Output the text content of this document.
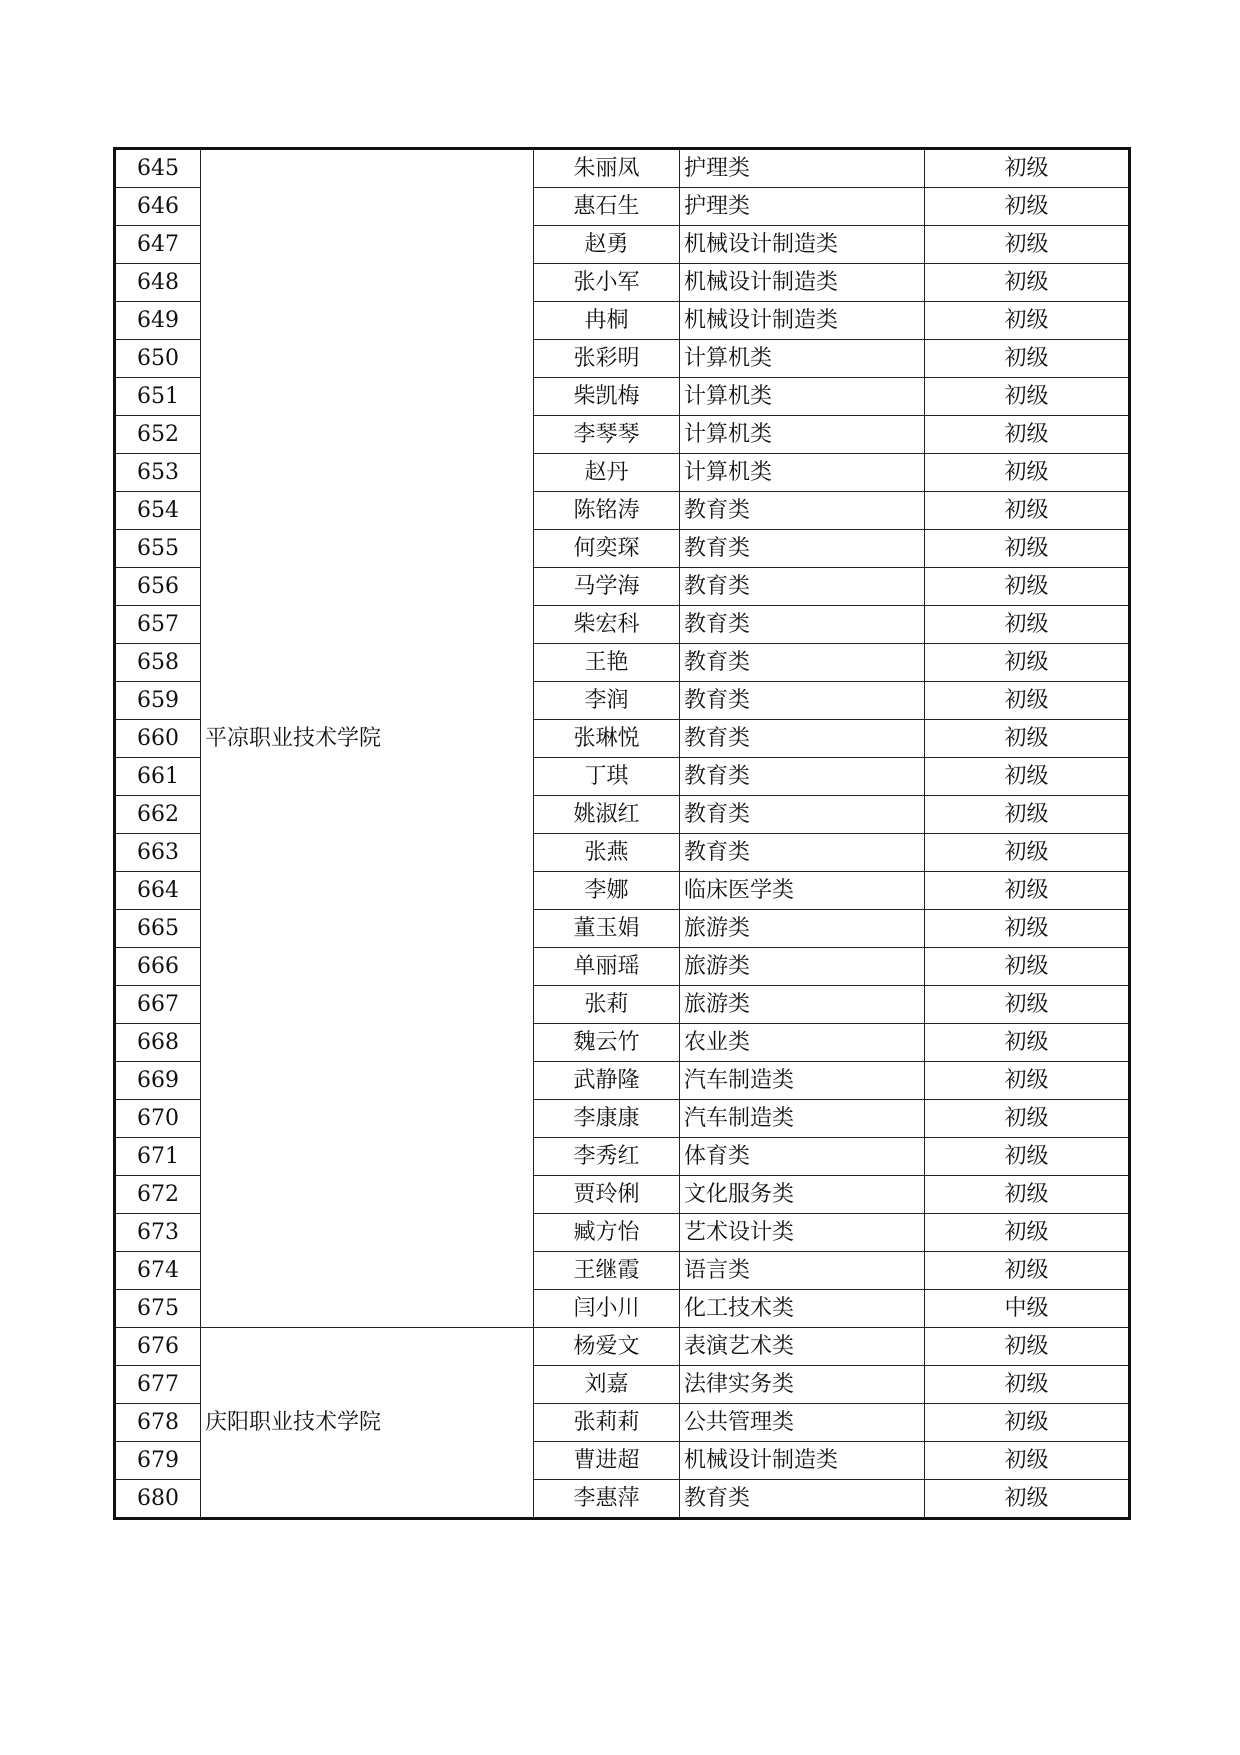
645	平凉职业技术学院	朱丽凤	护理类	初级
646		惠石生	护理类	初级
647		赵勇	机械设计制造类	初级
648		张小军	机械设计制造类	初级
649		冉桐	机械设计制造类	初级
650		张彩明	计算机类	初级
651		柴凯梅	计算机类	初级
652		李琴琴	计算机类	初级
653		赵丹	计算机类	初级
654		陈铭涛	教育类	初级
655		何奕琛	教育类	初级
656		马学海	教育类	初级
657		柴宏科	教育类	初级
658		王艳	教育类	初级
659		李润	教育类	初级
660		张琳悦	教育类	初级
661		丁琪	教育类	初级
662		姚淑红	教育类	初级
663		张燕	教育类	初级
664		李娜	临床医学类	初级
665		董玉娟	旅游类	初级
666		单丽瑶	旅游类	初级
667		张莉	旅游类	初级
668		魏云竹	农业类	初级
669		武静隆	汽车制造类	初级
670		李康康	汽车制造类	初级
671		李秀红	体育类	初级
672		贾玲俐	文化服务类	初级
673		臧方怡	艺术设计类	初级
674		王继霞	语言类	初级
675		闫小川	化工技术类	中级
676	庆阳职业技术学院	杨爱文	表演艺术类	初级
677		刘嘉	法律实务类	初级
678		张莉莉	公共管理类	初级
679		曹进超	机械设计制造类	初级
680		李惠萍	教育类	初级
